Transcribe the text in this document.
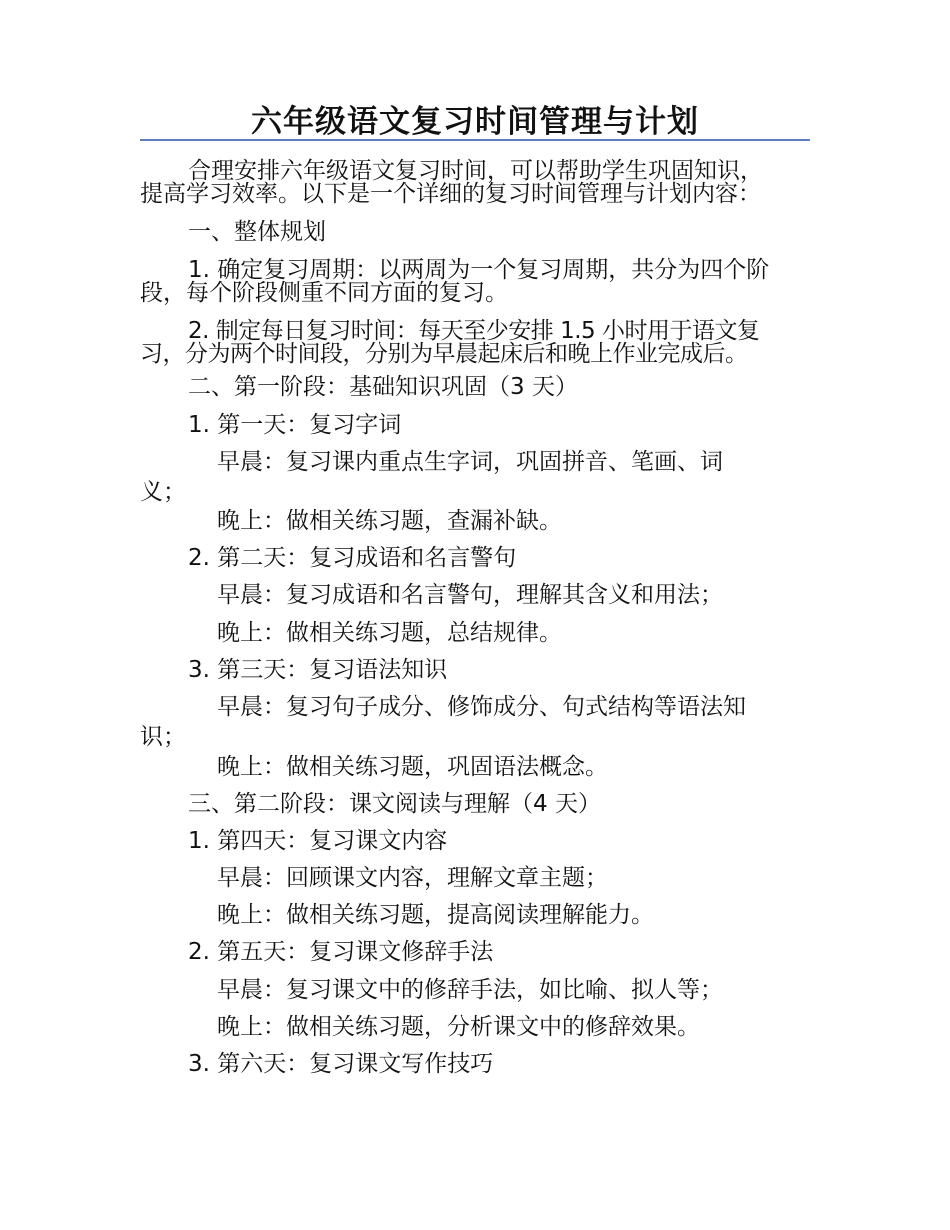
六年级语文复习时间管理与计划
合理安排六年级语文复习时间，可以帮助学生巩固知识，
提高学习效率。以下是一个详细的复习时间管理与计划内容：
一、整体规划
1. 确定复习周期：以两周为一个复习周期，共分为四个阶
段，每个阶段侧重不同方面的复习。
2. 制定每日复习时间：每天至少安排 1.5 小时用于语文复
习，分为两个时间段，分别为早晨起床后和晚上作业完成后。
二、第一阶段：基础知识巩固（3 天）
1. 第一天：复习字词
早晨：复习课内重点生字词，巩固拼音、笔画、词
义；
晚上：做相关练习题，查漏补缺。
2. 第二天：复习成语和名言警句
早晨：复习成语和名言警句，理解其含义和用法；
晚上：做相关练习题，总结规律。
3. 第三天：复习语法知识
早晨：复习句子成分、修饰成分、句式结构等语法知
识；
晚上：做相关练习题，巩固语法概念。
三、第二阶段：课文阅读与理解（4 天）
1. 第四天：复习课文内容
早晨：回顾课文内容，理解文章主题；
晚上：做相关练习题，提高阅读理解能力。
2. 第五天：复习课文修辞手法
早晨：复习课文中的修辞手法，如比喻、拟人等；
晚上：做相关练习题，分析课文中的修辞效果。
3. 第六天：复习课文写作技巧
